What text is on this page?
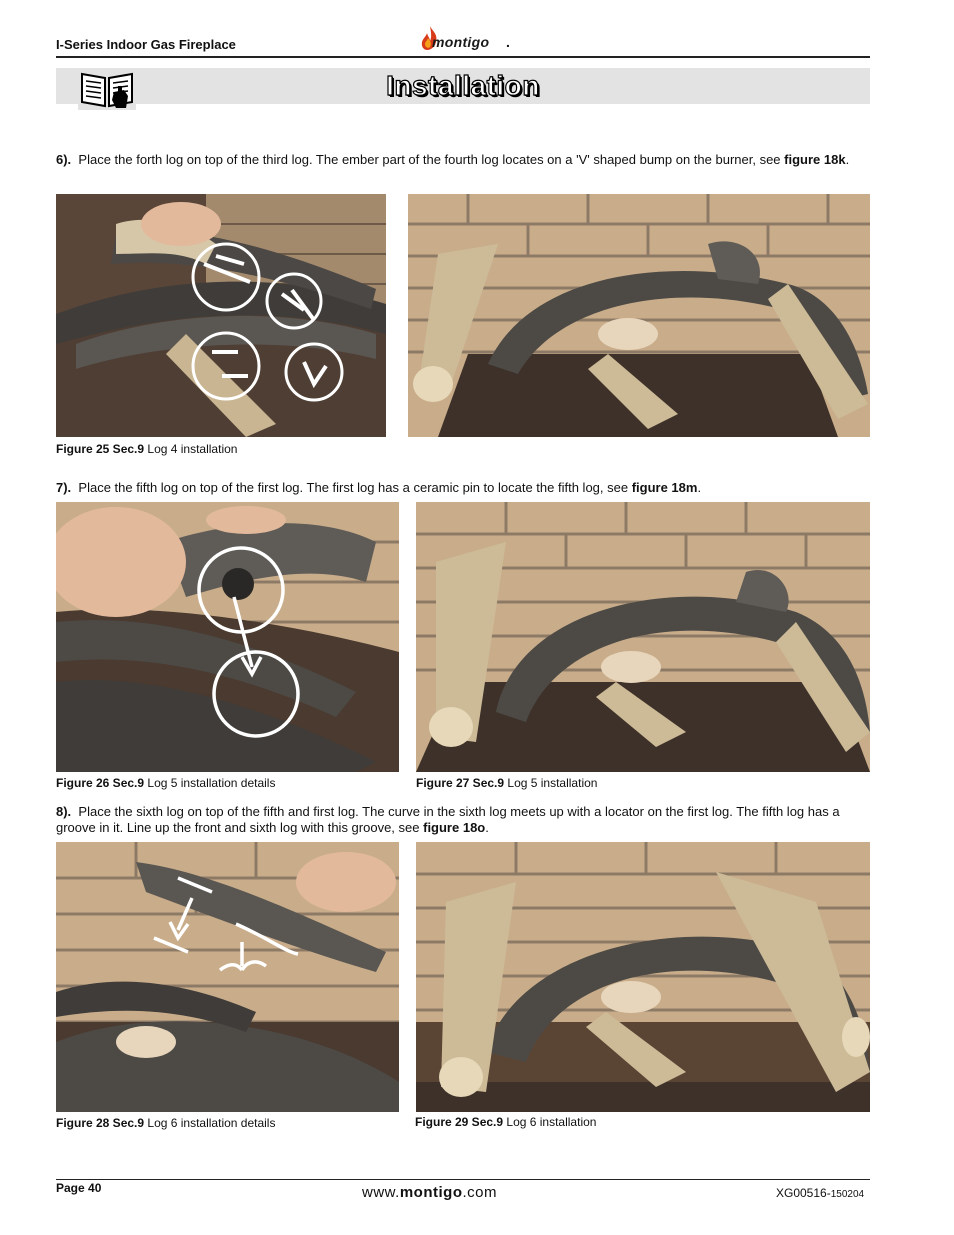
I-Series Indoor Gas Fireplace	montigo .
Installation
6). Place the forth log on top of the third log. The ember part of the fourth log locates on a 'V' shaped bump on the burner, see figure 18k.
Figure 25 Sec.9 Log 4 installation
7). Place the fifth log on top of the first log. The first log has a ceramic pin to locate the fifth log, see figure 18m.
Figure 26 Sec.9 Log 5 installation details	Figure 27 Sec.9 Log 5 installation
8). Place the sixth log on top of the fifth and first log. The curve in the sixth log meets up with a locator on the first log. The fifth log has a groove in it. Line up the front and sixth log with this groove, see figure 18o.
Figure 28 Sec.9 Log 6 installation details	Figure 29 Sec.9 Log 6 installation
Page 40	www.montigo.com	XG00516-150204
